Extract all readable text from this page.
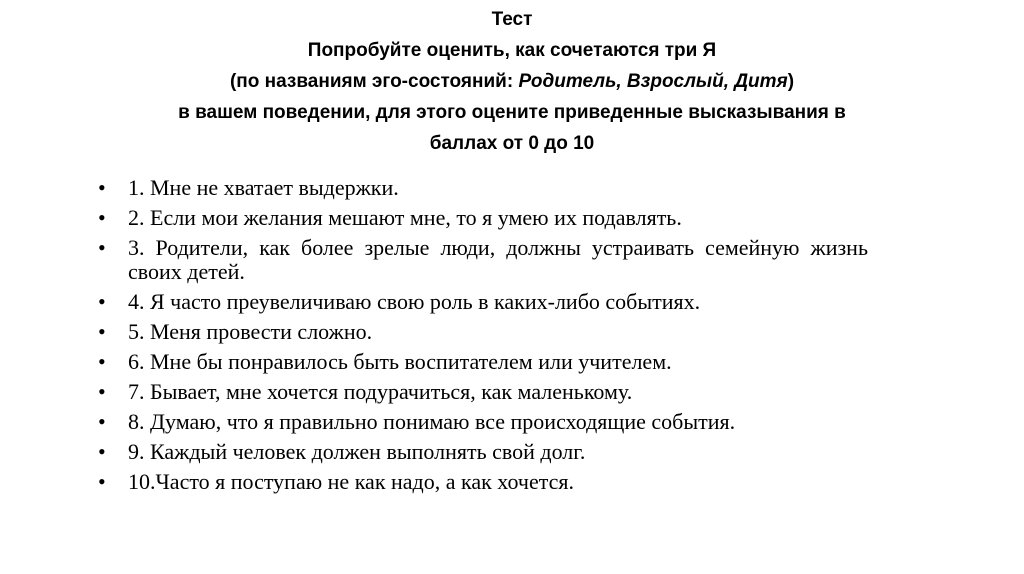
Тест
Попробуйте оценить, как сочетаются три Я
(по названиям эго-состояний: Родитель, Взрослый, Дитя)
в вашем поведении, для этого оцените приведенные высказывания в
баллах от 0 до 10
• 1. Мне не хватает выдержки.
• 2. Если мои желания мешают мне, то я умею их подавлять.
• 3. Родители, как более зрелые люди, должны устраивать семейную жизнь своих детей.
• 4. Я часто преувеличиваю свою роль в каких-либо событиях.
• 5. Меня провести сложно.
• 6. Мне бы понравилось быть воспитателем или учителем.
• 7. Бывает, мне хочется подурачиться, как маленькому.
• 8. Думаю, что я правильно понимаю все происходящие события.
• 9. Каждый человек должен выполнять свой долг.
• 10.Часто я поступаю не как надо, а как хочется.
